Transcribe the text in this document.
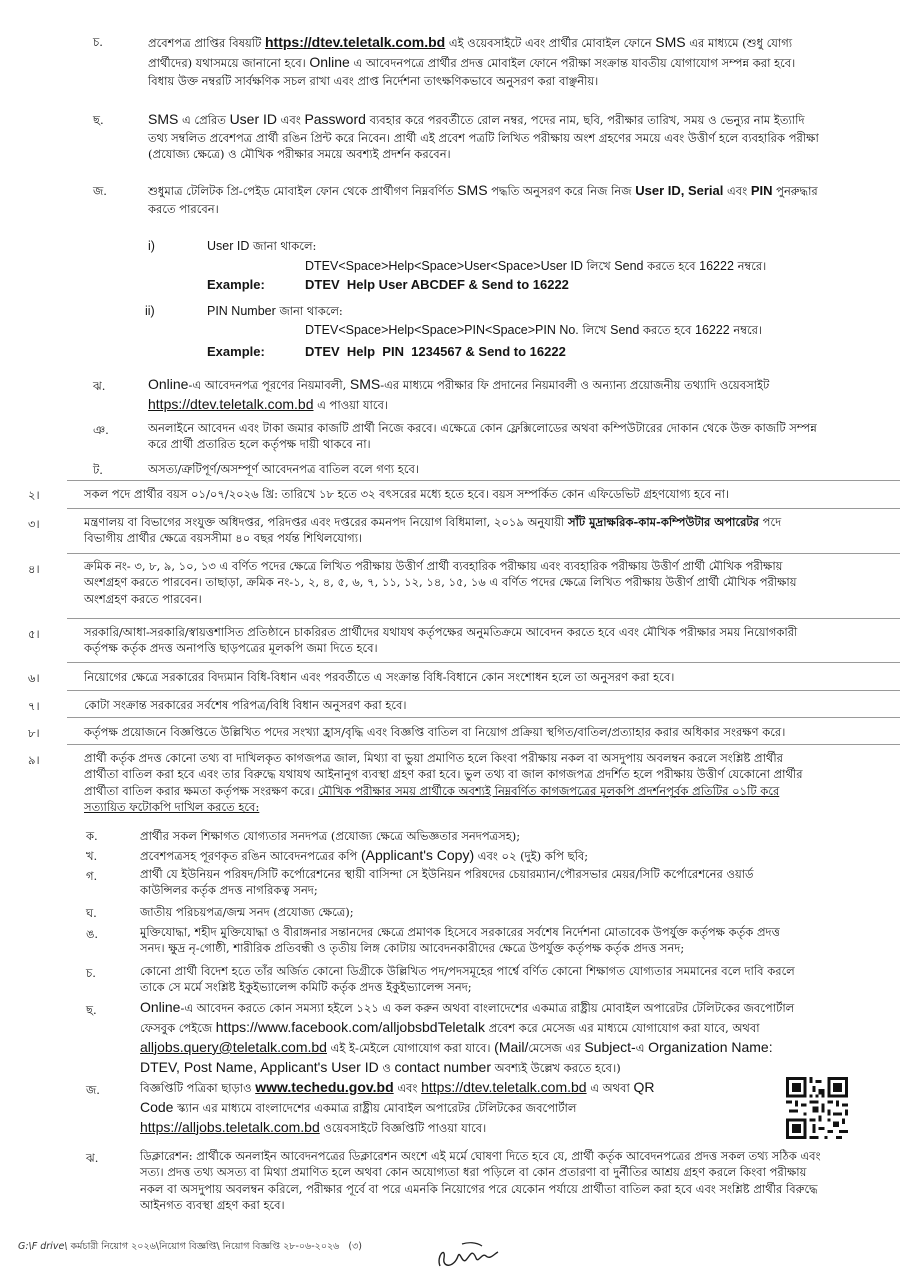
চ.	প্রবেশপত্র প্রাপ্তির বিষয়টি https://dtev.teletalk.com.bd এই ওয়েবসাইটে এবং প্রার্থীর মোবাইল ফোনে SMS এর মাধ্যমে (শুধু যোগ্য
প্রার্থীদের) যথাসময়ে জানানো হবে। Online এ আবেদনপত্রে প্রার্থীর প্রদত্ত মোবাইল ফোনে পরীক্ষা সংক্রান্ত যাবতীয় যোগাযোগ সম্পন্ন করা হবে।
বিধায় উক্ত নম্বরটি সার্বক্ষণিক সচল রাখা এবং প্রাপ্ত নির্দেশনা তাৎক্ষণিকভাবে অনুসরণ করা বাঞ্ছনীয়।
ছ.	SMS এ প্রেরিত User ID এবং Password ব্যবহার করে পরবর্তীতে রোল নম্বর, পদের নাম, ছবি, পরীক্ষার তারিখ, সময় ও ভেন্যুর নাম ইত্যাদি
তথ্য সম্বলিত প্রবেশপত্র প্রার্থী রঙিন প্রিন্ট করে নিবেন। প্রার্থী এই প্রবেশ পত্রটি লিখিত পরীক্ষায় অংশ গ্রহণের সময়ে এবং উত্তীর্ণ হলে ব্যবহারিক পরীক্ষা
(প্রযোজ্য ক্ষেত্রে) ও মৌখিক পরীক্ষার সময়ে অবশ্যই প্রদর্শন করবেন।
জ.	শুধুমাত্র টেলিটক প্রি-পেইড মোবাইল ফোন থেকে প্রার্থীগণ নিম্নবর্ণিত SMS পদ্ধতি অনুসরণ করে নিজ নিজ User ID, Serial এবং PIN পুনরুদ্ধার
করতে পারবেন।
i)	User ID জানা থাকলে:
DTEV<Space>Help<Space>User<Space>User ID লিখে Send করতে হবে 16222 নম্বরে।
Example:	DTEV  Help User ABCDEF & Send to 16222
ii)	PIN Number জানা থাকলে:
DTEV<Space>Help<Space>PIN<Space>PIN No. লিখে Send করতে হবে 16222 নম্বরে।
Example:	DTEV  Help  PIN  1234567 & Send to 16222
ঝ.	Online-এ আবেদনপত্র পূরণের নিয়মাবলী, SMS-এর মাধ্যমে পরীক্ষার ফি প্রদানের নিয়মাবলী ও অন্যান্য প্রয়োজনীয় তথ্যাদি ওয়েবসাইট
https://dtev.teletalk.com.bd এ পাওয়া যাবে।
ঞ.	অনলাইনে আবেদন এবং টাকা জমার কাজটি প্রার্থী নিজে করবে। এক্ষেত্রে কোন ফ্লেক্সিলোডের অথবা কম্পিউটারের দোকান থেকে উক্ত কাজটি সম্পন্ন
করে প্রার্থী প্রতারিত হলে কর্তৃপক্ষ দায়ী থাকবে না।
ট.	অসত্য/ত্রুটিপূর্ণ/অসম্পূর্ণ আবেদনপত্র বাতিল বলে গণ্য হবে।
২।	সকল পদে প্রার্থীর বয়স ০১/০৭/২০২৬ খ্রি: তারিখে ১৮ হতে ৩২ বৎসরের মধ্যে হতে হবে। বয়স সম্পর্কিত কোন এফিডেভিট গ্রহণযোগ্য হবে না।
৩।	মন্ত্রণালয় বা বিভাগের সংযুক্ত অধিদপ্তর, পরিদপ্তর এবং দপ্তরের কমনপদ নিয়োগ বিধিমালা, ২০১৯ অনুযায়ী সাঁট মুদ্রাক্ষরিক-কাম-কম্পিউটার অপারেটর পদে
বিভাগীয় প্রার্থীর ক্ষেত্রে বয়সসীমা ৪০ বছর পর্যন্ত শিথিলযোগ্য।
৪।	ক্রমিক নং- ৩, ৮, ৯, ১০, ১৩ এ বর্ণিত পদের ক্ষেত্রে লিখিত পরীক্ষায় উত্তীর্ণ প্রার্থী ব্যবহারিক পরীক্ষায় এবং ব্যবহারিক পরীক্ষায় উত্তীর্ণ প্রার্থী মৌখিক পরীক্ষায়
অংশগ্রহণ করতে পারবেন। তাছাড়া, ক্রমিক নং-১, ২, ৪, ৫, ৬, ৭, ১১, ১২, ১৪, ১৫, ১৬ এ বর্ণিত পদের ক্ষেত্রে লিখিত পরীক্ষায় উত্তীর্ণ প্রার্থী মৌখিক পরীক্ষায়
অংশগ্রহণ করতে পারবেন।
৫।	সরকারি/আধা-সরকারি/স্বায়ত্তশাসিত প্রতিষ্ঠানে চাকরিরত প্রার্থীদের যথাযথ কর্তৃপক্ষের অনুমতিক্রমে আবেদন করতে হবে এবং মৌখিক পরীক্ষার সময় নিয়োগকারী
কর্তৃপক্ষ কর্তৃক প্রদত্ত অনাপত্তি ছাড়পত্রের মূলকপি জমা দিতে হবে।
৬।	নিয়োগের ক্ষেত্রে সরকারের বিদ্যমান বিধি-বিধান এবং পরবর্তীতে এ সংক্রান্ত বিধি-বিধানে কোন সংশোধন হলে তা অনুসরণ করা হবে।
৭।	কোটা সংক্রান্ত সরকারের সর্বশেষ পরিপত্র/বিধি বিধান অনুসরণ করা হবে।
৮।	কর্তৃপক্ষ প্রয়োজনে বিজ্ঞপ্তিতে উল্লিখিত পদের সংখ্যা হ্রাস/বৃদ্ধি এবং বিজ্ঞপ্তি বাতিল বা নিয়োগ প্রক্রিয়া স্থগিত/বাতিল/প্রত্যাহার করার অধিকার সংরক্ষণ করে।
৯।	প্রার্থী কর্তৃক প্রদত্ত কোনো তথ্য বা দাখিলকৃত কাগজপত্র জাল, মিথ্যা বা ভুয়া প্রমাণিত হলে কিংবা পরীক্ষায় নকল বা অসদুপায় অবলম্বন করলে সংশ্লিষ্ট প্রার্থীর
প্রার্থীতা বাতিল করা হবে এবং তার বিরুদ্ধে যথাযথ আইনানুগ ব্যবস্থা গ্রহণ করা হবে। ভুল তথ্য বা জাল কাগজপত্র প্রদর্শিত হলে পরীক্ষায় উত্তীর্ণ যেকোনো প্রার্থীর
প্রার্থীতা বাতিল করার ক্ষমতা কর্তৃপক্ষ সংরক্ষণ করে। মৌখিক পরীক্ষার সময় প্রার্থীকে অবশ্যই নিম্নবর্ণিত কাগজপত্রের মূলকপি প্রদর্শনপূর্বক প্রতিটির ০১টি করে
সত্যায়িত ফটোকপি দাখিল করতে হবে:
ক.	প্রার্থীর সকল শিক্ষাগত যোগ্যতার সনদপত্র (প্রযোজ্য ক্ষেত্রে অভিজ্ঞতার সনদপত্রসহ);
খ.	প্রবেশপত্রসহ পূরণকৃত রঙিন আবেদনপত্রের কপি (Applicant's Copy) এবং ০২ (দুই) কপি ছবি;
গ.	প্রার্থী যে ইউনিয়ন পরিষদ/সিটি কর্পোরেশনের স্থায়ী বাসিন্দা সে ইউনিয়ন পরিষদের চেয়ারম্যান/পৌরসভার মেয়র/সিটি কর্পোরেশনের ওয়ার্ড
কাউন্সিলর কর্তৃক প্রদত্ত নাগরিকত্ব সনদ;
ঘ.	জাতীয় পরিচয়পত্র/জন্ম সনদ (প্রযোজ্য ক্ষেত্রে);
ঙ.	মুক্তিযোদ্ধা, শহীদ মুক্তিযোদ্ধা ও বীরাঙ্গনার সন্তানদের ক্ষেত্রে প্রমাণক হিসেবে সরকারের সর্বশেষ নির্দেশনা মোতাবেক উপর্যুক্ত কর্তৃপক্ষ কর্তৃক প্রদত্ত
সনদ। ক্ষুদ্র নৃ-গোষ্ঠী, শারীরিক প্রতিবন্ধী ও তৃতীয় লিঙ্গ কোটায় আবেদনকারীদের ক্ষেত্রে উপর্যুক্ত কর্তৃপক্ষ কর্তৃক প্রদত্ত সনদ;
চ.	কোনো প্রার্থী বিদেশ হতে তাঁর অর্জিত কোনো ডিগ্রীকে উল্লিখিত পদ/পদসমূহের পার্শ্বে বর্ণিত কোনো শিক্ষাগত যোগ্যতার সমমানের বলে দাবি করলে
তাকে সে মর্মে সংশ্লিষ্ট ইকুইভ্যালেন্স কমিটি কর্তৃক প্রদত্ত ইকুইভ্যালেন্স সনদ;
ছ.	Online-এ আবেদন করতে কোন সমস্যা হইলে ১২১ এ কল করুন অথবা বাংলাদেশের একমাত্র রাষ্ট্রীয় মোবাইল অপারেটর টেলিটকের জবপোর্টাল
ফেসবুক পেইজে https://www.facebook.com/alljobsbdTeletalk প্রবেশ করে মেসেজ এর মাধ্যমে যোগাযোগ করা যাবে, অথবা
alljobs.query@teletalk.com.bd এই ই-মেইলে যোগাযোগ করা যাবে। (Mail/মেসেজ এর Subject-এ Organization Name:
DTEV, Post Name, Applicant's User ID ও contact number অবশ্যই উল্লেখ করতে হবে।)
জ.	বিজ্ঞপ্তিটি পত্রিকা ছাড়াও www.techedu.gov.bd এবং https://dtev.teletalk.com.bd এ অথবা QR
Code স্ক্যান এর মাধ্যমে বাংলাদেশের একমাত্র রাষ্ট্রীয় মোবাইল অপারেটর টেলিটকের জবপোর্টাল
https://alljobs.teletalk.com.bd ওয়েবসাইটে বিজ্ঞপ্তিটি পাওয়া যাবে।
ঝ.	ডিক্লারেশন: প্রার্থীকে অনলাইন আবেদনপত্রের ডিক্লারেশন অংশে এই মর্মে ঘোষণা দিতে হবে যে, প্রার্থী কর্তৃক আবেদনপত্রের প্রদত্ত সকল তথ্য সঠিক এবং
সত্য। প্রদত্ত তথ্য অসত্য বা মিথ্যা প্রমাণিত হলে অথবা কোন অযোগ্যতা ধরা পড়িলে বা কোন প্রতারণা বা দুর্নীতির আশ্রয় গ্রহণ করলে কিংবা পরীক্ষায়
নকল বা অসদুপায় অবলম্বন করিলে, পরীক্ষার পূর্বে বা পরে এমনকি নিয়োগের পরে যেকোন পর্যায়ে প্রার্থীতা বাতিল করা হবে এবং সংশ্লিষ্ট প্রার্থীর বিরুদ্ধে
আইনগত ব্যবস্থা গ্রহণ করা হবে।
G:\F drive\ কর্মচারী নিয়োগ ২০২৬\নিয়োগ বিজ্ঞপ্তি\ নিয়োগ বিজ্ঞপ্তি ২৮-০৬-২০২৬ (৩)
